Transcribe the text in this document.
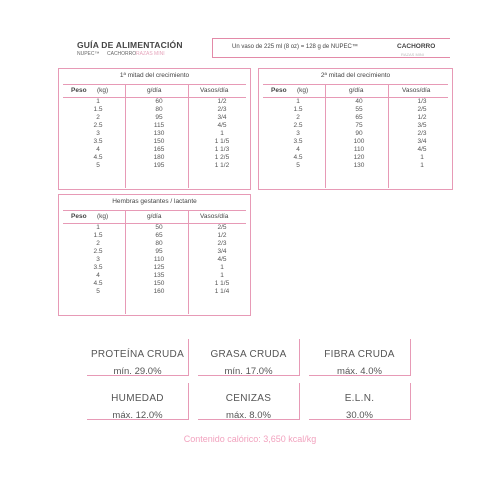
GUÍA DE ALIMENTACIÓN
NUPEC™ CACHORRO RAZAS MINI
Un vaso de 225 ml (8 oz) = 128 g de NUPEC™	CACHORRO
RAZAS MINI
1ª mitad del crecimiento
Peso (kg)	g/día	Vasos/día
1	60	1/2
1.5	80	2/3
2	95	3/4
2.5	115	4/5
3	130	1
3.5	150	1 1/5
4	165	1 1/3
4.5	180	1 2/5
5	195	1 1/2
2ª mitad del crecimiento
Peso (kg)	g/día	Vasos/día
1	40	1/3
1.5	55	2/5
2	65	1/2
2.5	75	3/5
3	90	2/3
3.5	100	3/4
4	110	4/5
4.5	120	1
5	130	1
Hembras gestantes / lactante
Peso (kg)	g/día	Vasos/día
1	50	2/5
1.5	65	1/2
2	80	2/3
2.5	95	3/4
3	110	4/5
3.5	125	1
4	135	1
4.5	150	1 1/5
5	160	1 1/4
PROTEÍNA CRUDA
mín. 29.0%
GRASA CRUDA
mín. 17.0%
FIBRA CRUDA
máx. 4.0%
HUMEDAD
máx. 12.0%
CENIZAS
máx. 8.0%
E.L.N.
30.0%
Contenido calórico: 3,650 kcal/kg
